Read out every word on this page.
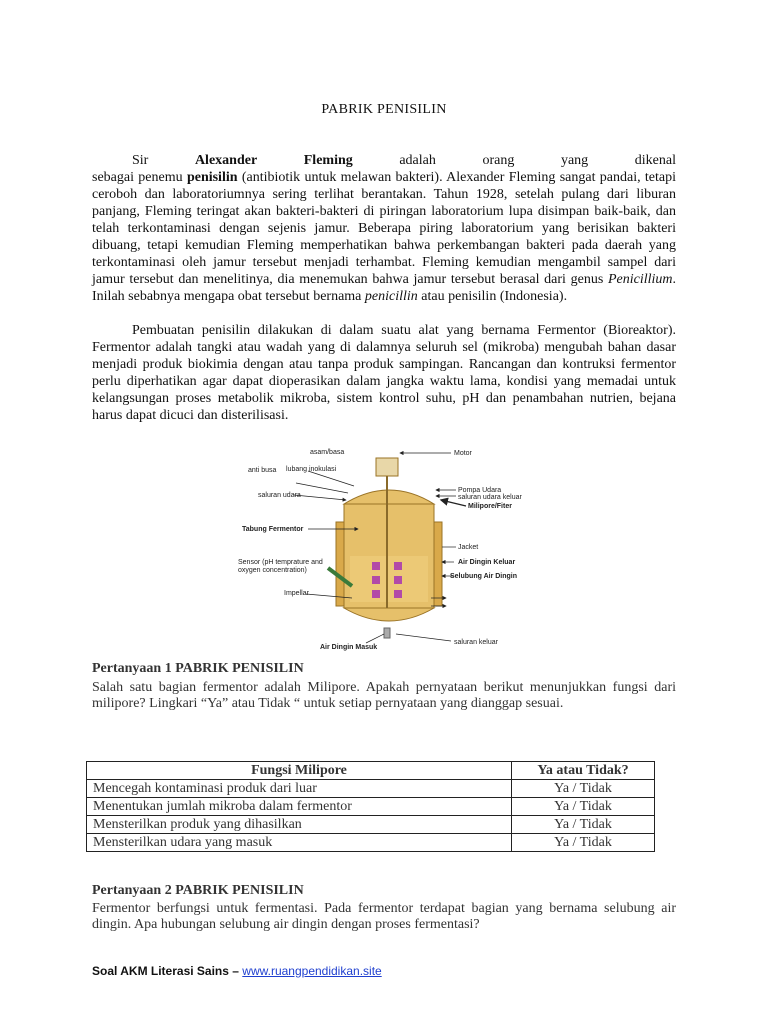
PABRIK PENISILIN
Sir	Alexander	Fleming	adalah	orang	yang	dikenal
sebagai penemu penisilin (antibiotik untuk melawan bakteri). Alexander Fleming sangat pandai, tetapi ceroboh dan laboratoriumnya sering terlihat berantakan. Tahun 1928, setelah pulang dari liburan panjang, Fleming teringat akan bakteri-bakteri di piringan laboratorium lupa disimpan baik-baik, dan telah terkontaminasi dengan sejenis jamur. Beberapa piring laboratorium yang berisikan bakteri dibuang, tetapi kemudian Fleming memperhatikan bahwa perkembangan bakteri pada daerah yang terkontaminasi oleh jamur tersebut menjadi terhambat. Fleming kemudian mengambil sampel dari jamur tersebut dan menelitinya, dia menemukan bahwa jamur tersebut berasal dari genus Penicillium. Inilah sebabnya mengapa obat tersebut bernama penicillin atau penisilin (Indonesia).
Pembuatan penisilin dilakukan di dalam suatu alat yang bernama Fermentor (Bioreaktor). Fermentor adalah tangki atau wadah yang di dalamnya seluruh sel (mikroba) mengubah bahan dasar menjadi produk biokimia dengan atau tanpa produk sampingan. Rancangan dan kontruksi fermentor perlu diperhatikan agar dapat dioperasikan dalam jangka waktu lama, kondisi yang memadai untuk kelangsungan proses metabolik mikroba, sistem kontrol suhu, pH dan penambahan nutrien, bejana harus dapat dicuci dan disterilisasi.
asam/basa	Motor
anti busa lubang inokulasi
saluran udara
Pompa Udara
saluran udara keluar
Milipore/Fiter
Tabung Fermentor
Jacket
Sensor (pH temprature and
oxygen concentration)
Air Dingin Keluar
Selubung Air Dingin
Impellar
Air Dingin Masuk
saluran keluar
Pertanyaan 1 PABRIK PENISILIN
Salah satu bagian fermentor adalah Milipore. Apakah pernyataan berikut menunjukkan fungsi dari milipore? Lingkari “Ya” atau Tidak “ untuk setiap pernyataan yang dianggap sesuai.
Fungsi Milipore	Ya atau Tidak?
Mencegah kontaminasi produk dari luar	Ya / Tidak
Menentukan jumlah mikroba dalam fermentor	Ya / Tidak
Mensterilkan produk yang dihasilkan	Ya / Tidak
Mensterilkan udara yang masuk	Ya / Tidak
Pertanyaan 2 PABRIK PENISILIN
Fermentor berfungsi untuk fermentasi. Pada fermentor terdapat bagian yang bernama selubung air dingin. Apa hubungan selubung air dingin dengan proses fermentasi?
Soal AKM Literasi Sains – www.ruangpendidikan.site
